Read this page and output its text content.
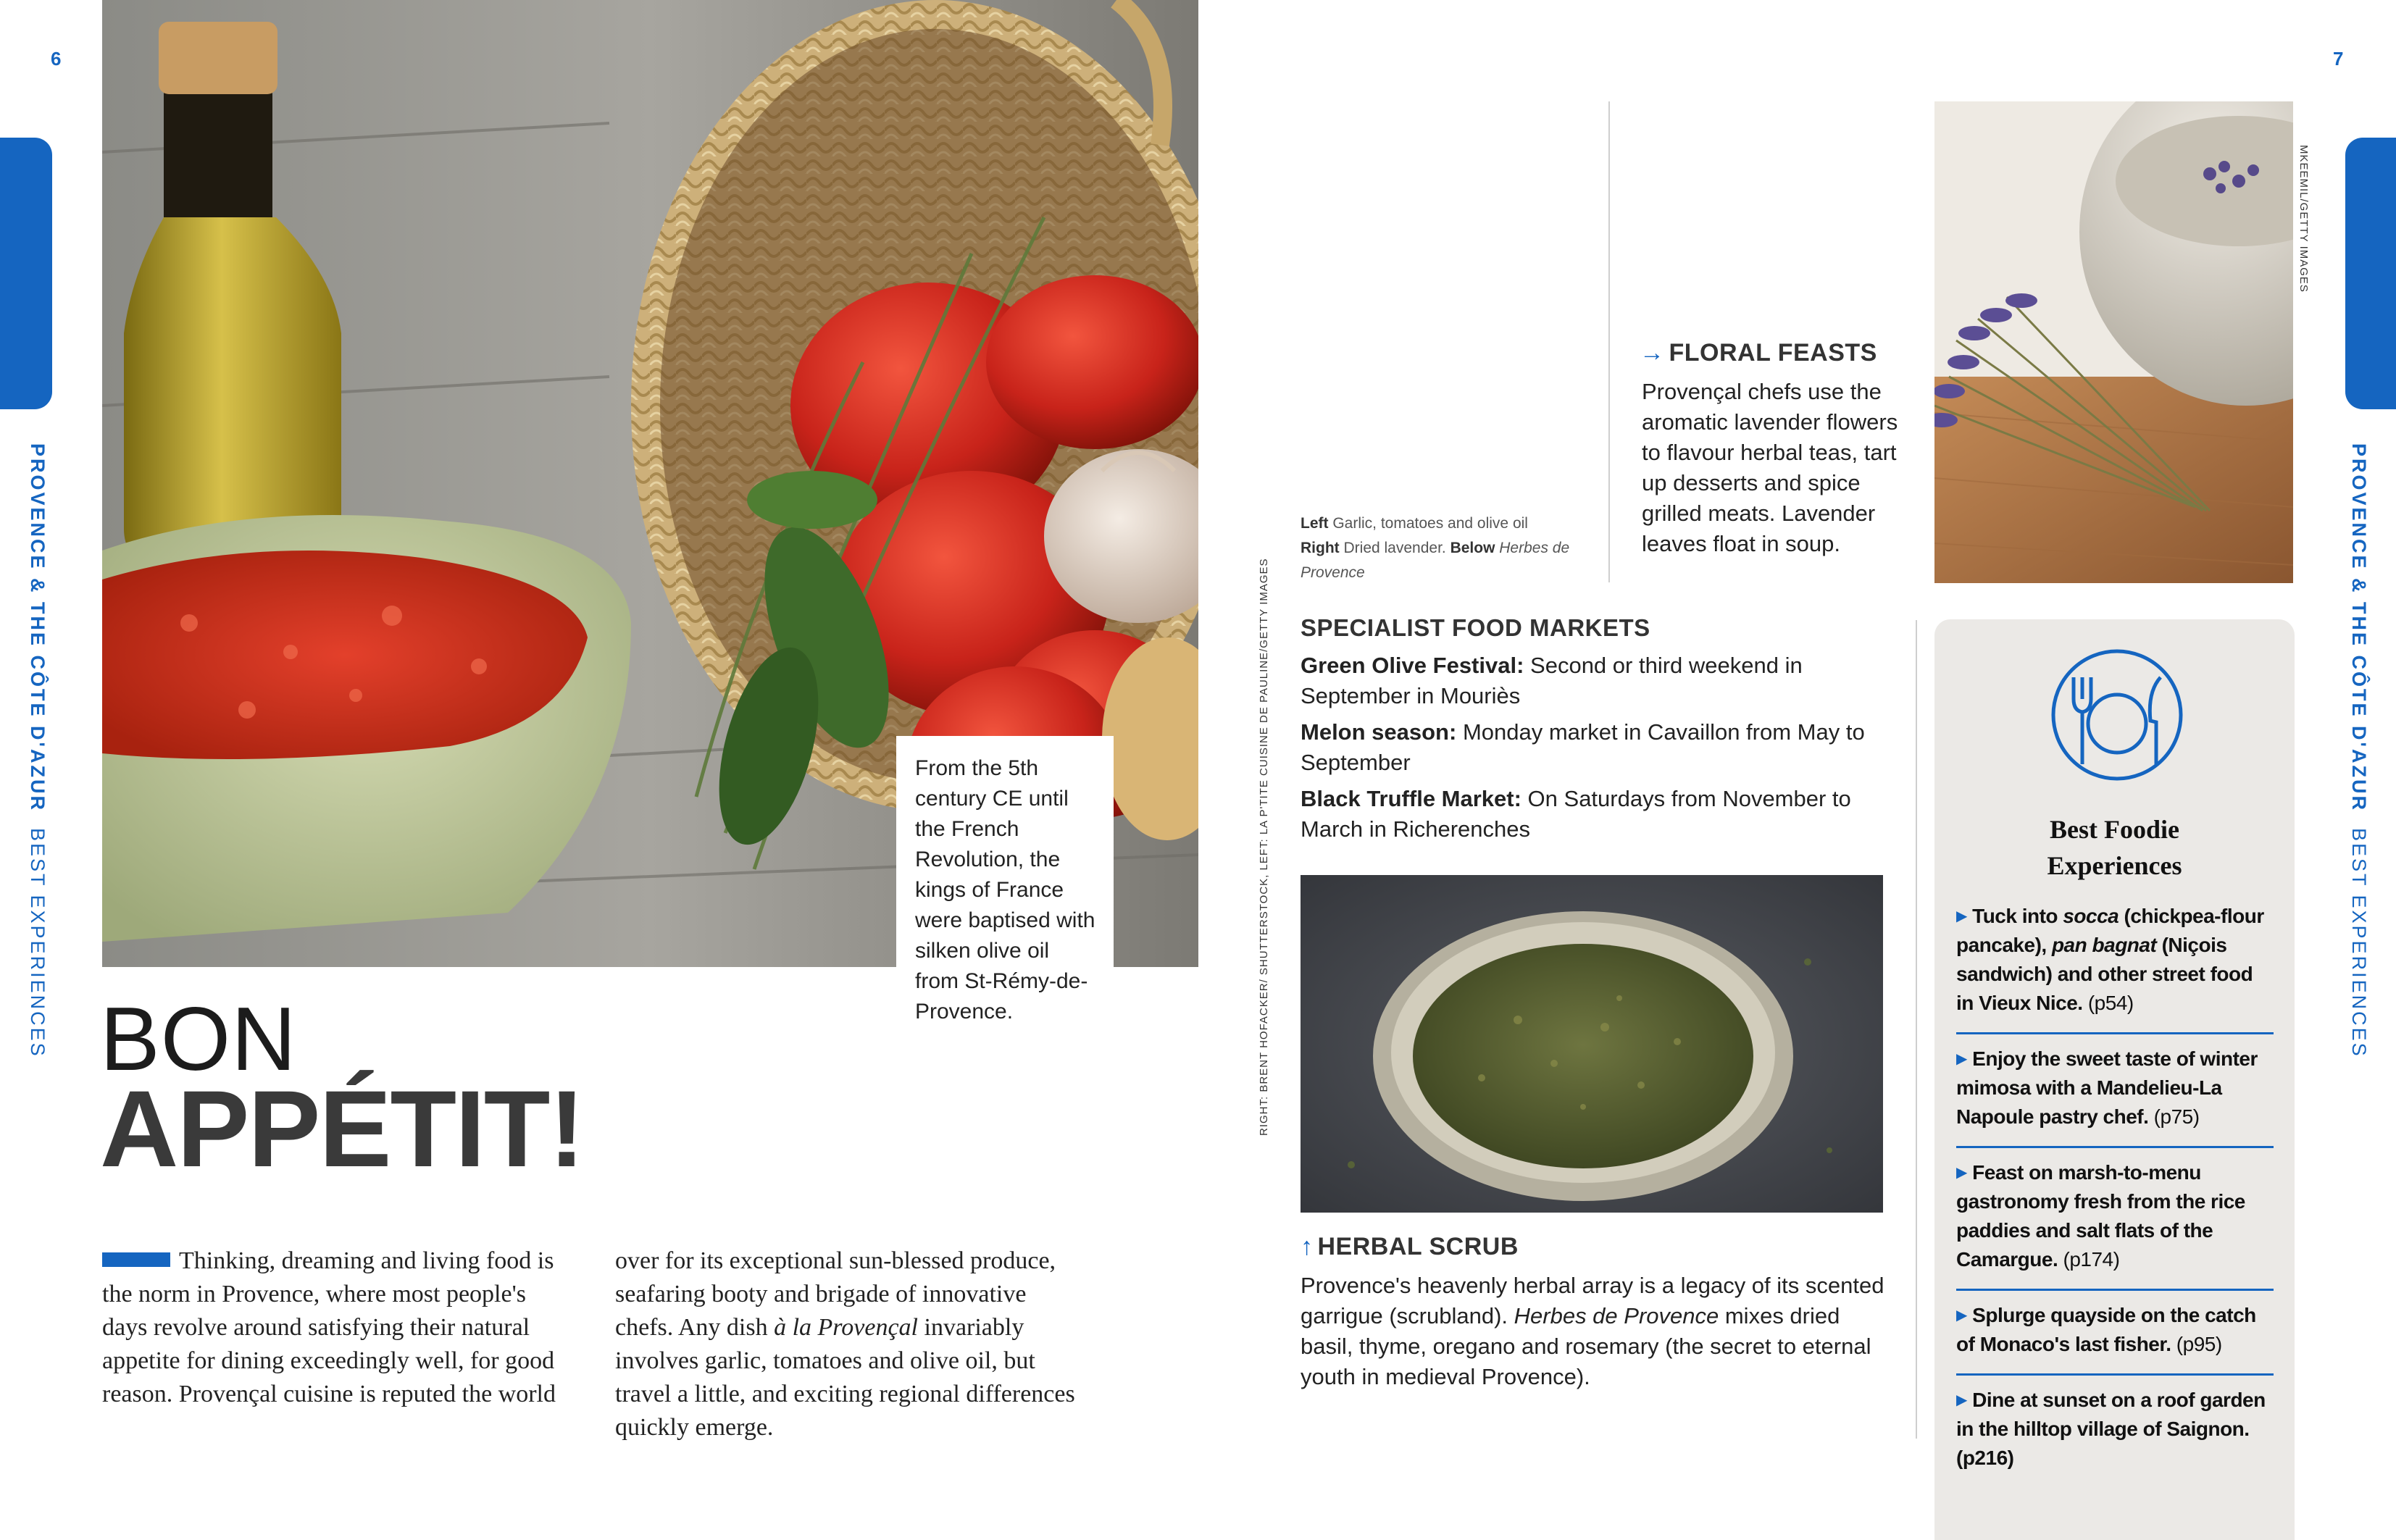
6	7
PROVENCE & THE CÔTE D'AZURBEST EXPERIENCES
PROVENCE & THE CÔTE D'AZURBEST EXPERIENCES
From the 5th century CE until the French Revolution, the kings of France were baptised with silken olive oil from St-Rémy-de-Provence.
BON
APPÉTIT!
Thinking, dreaming and living food is the norm in Provence, where most people's days revolve around satisfying their natural appetite for dining exceedingly well, for good reason. Provençal cuisine is reputed the world
over for its exceptional sun-blessed produce, seafaring booty and brigade of innovative chefs. Any dish à la Provençal invariably involves garlic, tomatoes and olive oil, but travel a little, and exciting regional differences quickly emerge.
Left Garlic, tomatoes and olive oil
Right Dried lavender. Below Herbes de Provence
→ FLORAL FEASTS
Provençal chefs use the aromatic lavender flowers to flavour herbal teas, tart up desserts and spice grilled meats. Lavender leaves float in soup.
SPECIALIST FOOD MARKETS
Green Olive Festival: Second or third weekend in September in Mouriès
Melon season: Monday market in Cavaillon from May to September
Black Truffle Market: On Saturdays from November to March in Richerenches
RIGHT: BRENT HOFACKER/ SHUTTERSTOCK, LEFT: LA P'TITE CUISINE DE PAULINE/GETTY IMAGES
↑ HERBAL SCRUB
Provence's heavenly herbal array is a legacy of its scented garrigue (scrubland). Herbes de Provence mixes dried basil, thyme, oregano and rosemary (the secret to eternal youth in medieval Provence).
MKEEMIL/GETTY IMAGES
Best Foodie
Experiences
▶ Tuck into socca (chickpea-flour pancake), pan bagnat (Niçois sandwich) and other street food in Vieux Nice. (p54)
▶ Enjoy the sweet taste of winter mimosa with a Mandelieu-La Napoule pastry chef. (p75)
▶ Feast on marsh-to-menu gastronomy fresh from the rice paddies and salt flats of the Camargue. (p174)
▶ Splurge quayside on the catch of Monaco's last fisher. (p95)
▶ Dine at sunset on a roof garden in the hilltop village of Saignon. (p216)
